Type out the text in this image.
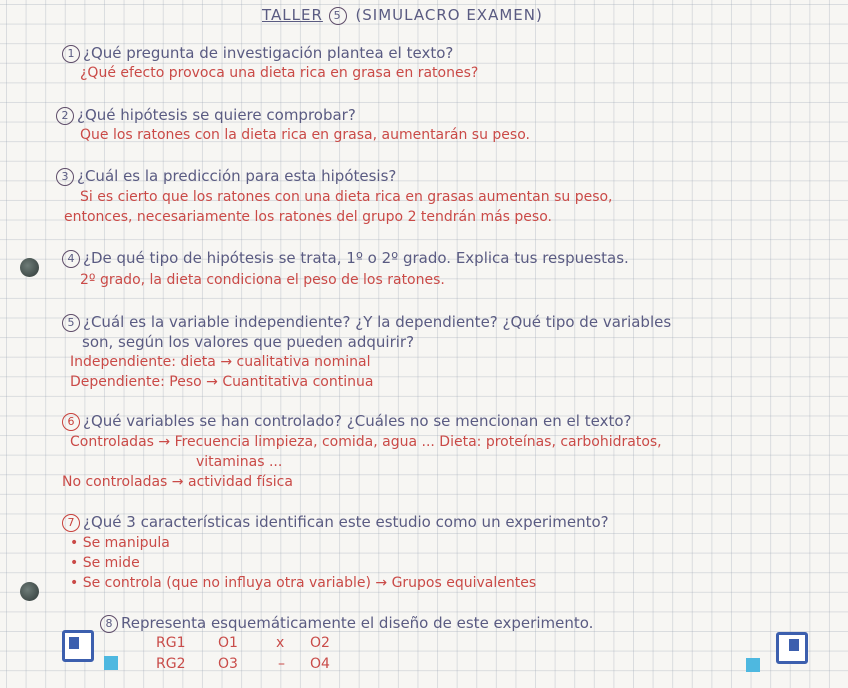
TALLER 5 (SIMULACRO EXAMEN)
1 ¿Qué pregunta de investigación plantea el texto?
¿Qué efecto provoca una dieta rica en grasa en ratones?
2 ¿Qué hipótesis se quiere comprobar?
Que los ratones con la dieta rica en grasa, aumentarán su peso.
3 ¿Cuál es la predicción para esta hipótesis?
Si es cierto que los ratones con una dieta rica en grasas aumentan su peso,
entonces, necesariamente los ratones del grupo 2 tendrán más peso.
4 ¿De qué tipo de hipótesis se trata, 1º o 2º grado. Explica tus respuestas.
2º grado, la dieta condiciona el peso de los ratones.
5 ¿Cuál es la variable independiente? ¿Y la dependiente? ¿Qué tipo de variables
son, según los valores que pueden adquirir?
Independiente: dieta → cualitativa nominal
Dependiente: Peso → Cuantitativa continua
6 ¿Qué variables se han controlado? ¿Cuáles no se mencionan en el texto?
Controladas → Frecuencia limpieza, comida, agua ... Dieta: proteínas, carbohidratos,
vitaminas ...
No controladas → actividad física
7 ¿Qué 3 características identifican este estudio como un experimento?
• Se manipula
• Se mide
• Se controla (que no influya otra variable) → Grupos equivalentes
8 Representa esquemáticamente el diseño de este experimento.
RG1 O1	x O2
RG2 O3	– O4
